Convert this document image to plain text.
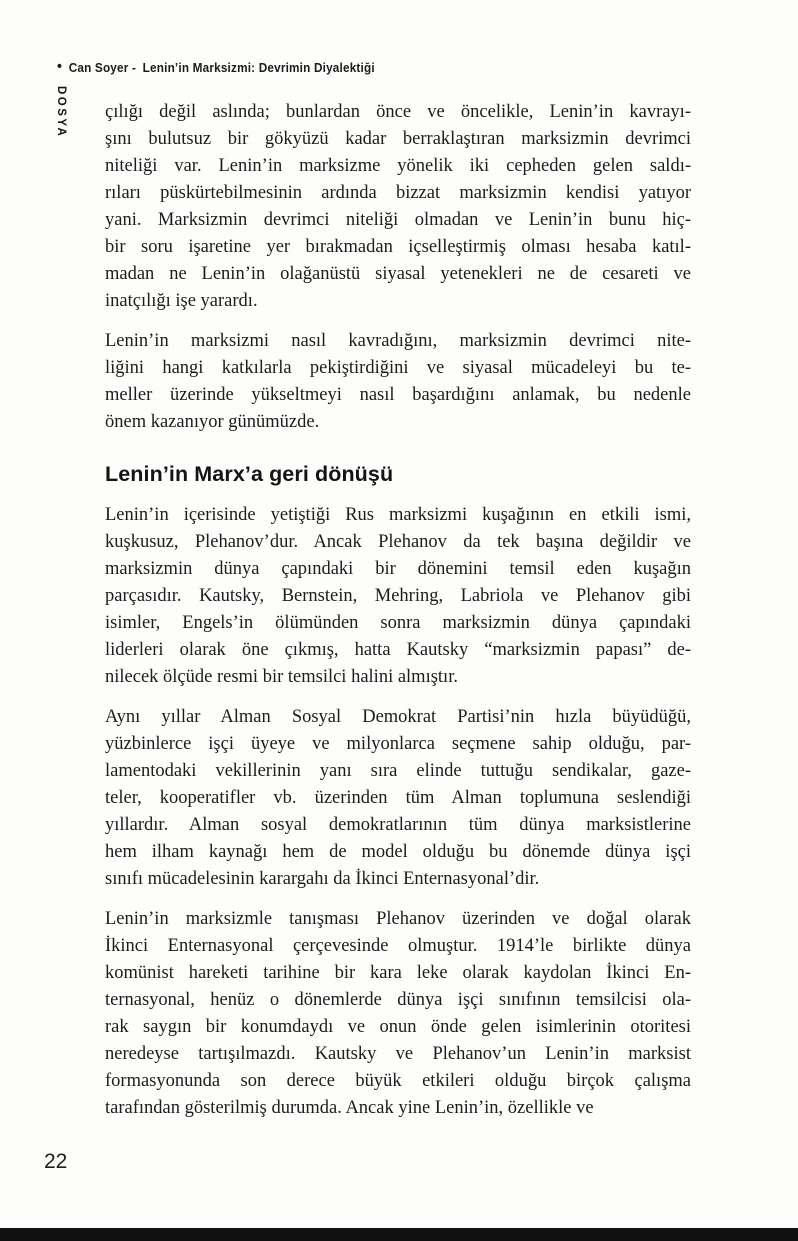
• Can Soyer - Lenin’in Marksizmi: Devrimin Diyalektiği
DOSYA çılığı değil aslında; bunlardan önce ve öncelikle, Lenin’in kavrayı-
şını bulutsuz bir gökyüzü kadar berraklaştıran marksizmin devrimci
niteliği var. Lenin’in marksizme yönelik iki cepheden gelen saldı-
rıları püskürtebilmesinin ardında bizzat marksizmin kendisi yatıyor
yani. Marksizmin devrimci niteliği olmadan ve Lenin’in bunu hiç-
bir soru işaretine yer bırakmadan içselleştirmiş olması hesaba katıl-
madan ne Lenin’in olağanüstü siyasal yetenekleri ne de cesareti ve
inatçılığı işe yarardı.
Lenin’in marksizmi nasıl kavradığını, marksizmin devrimci nite-
liğini hangi katkılarla pekiştirdiğini ve siyasal mücadeleyi bu te-
meller üzerinde yükseltmeyi nasıl başardığını anlamak, bu nedenle
önem kazanıyor günümüzde.
Lenin’in Marx’a geri dönüşü
Lenin’in içerisinde yetiştiği Rus marksizmi kuşağının en etkili ismi,
kuşkusuz, Plehanov’dur. Ancak Plehanov da tek başına değildir ve
marksizmin dünya çapındaki bir dönemini temsil eden kuşağın
parçasıdır. Kautsky, Bernstein, Mehring, Labriola ve Plehanov gibi
isimler, Engels’in ölümünden sonra marksizmin dünya çapındaki
liderleri olarak öne çıkmış, hatta Kautsky “marksizmin papası” de-
nilecek ölçüde resmi bir temsilci halini almıştır.
Aynı yıllar Alman Sosyal Demokrat Partisi’nin hızla büyüdüğü,
yüzbinlerce işçi üyeye ve milyonlarca seçmene sahip olduğu, par-
lamentodaki vekillerinin yanı sıra elinde tuttuğu sendikalar, gaze-
teler, kooperatifler vb. üzerinden tüm Alman toplumuna seslendiği
yıllardır. Alman sosyal demokratlarının tüm dünya marksistlerine
hem ilham kaynağı hem de model olduğu bu dönemde dünya işçi
sınıfı mücadelesinin karargahı da İkinci Enternasyonal’dir.
Lenin’in marksizmle tanışması Plehanov üzerinden ve doğal olarak
İkinci Enternasyonal çerçevesinde olmuştur. 1914’le birlikte dünya
komünist hareketi tarihine bir kara leke olarak kaydolan İkinci En-
ternasyonal, henüz o dönemlerde dünya işçi sınıfının temsilcisi ola-
rak saygın bir konumdaydı ve onun önde gelen isimlerinin otoritesi
neredeyse tartışılmazdı. Kautsky ve Plehanov’un Lenin’in marksist
formasyonunda son derece büyük etkileri olduğu birçok çalışma
tarafından gösterilmiş durumda. Ancak yine Lenin’in, özellikle ve
22
